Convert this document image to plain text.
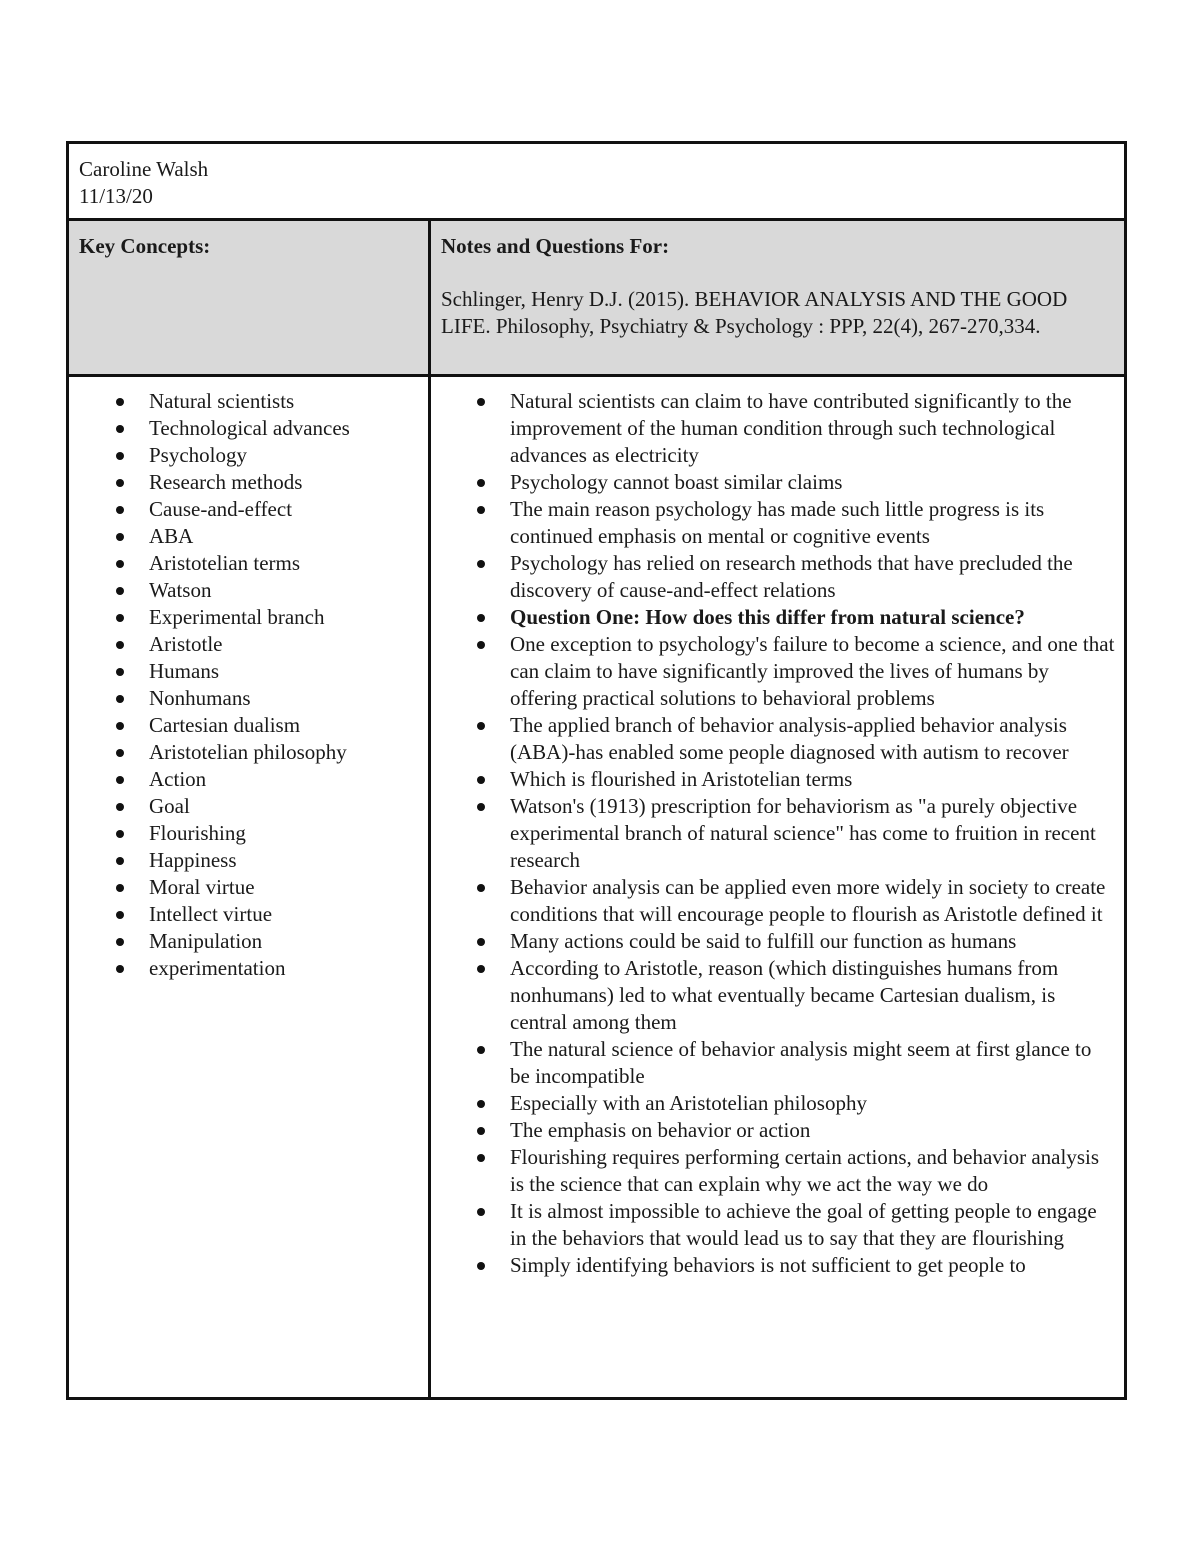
Caroline Walsh
11/13/20
Key Concepts:	Notes and Questions For:
Schlinger, Henry D.J. (2015). BEHAVIOR ANALYSIS AND THE GOOD LIFE. Philosophy, Psychiatry & Psychology : PPP, 22(4), 267-270,334.
Natural scientists
Technological advances
Psychology
Research methods
Cause-and-effect
ABA
Aristotelian terms
Watson
Experimental branch
Aristotle
Humans
Nonhumans
Cartesian dualism
Aristotelian philosophy
Action
Goal
Flourishing
Happiness
Moral virtue
Intellect virtue
Manipulation
experimentation
Natural scientists can claim to have contributed significantly to the improvement of the human condition through such technological advances as electricity
Psychology cannot boast similar claims
The main reason psychology has made such little progress is its continued emphasis on mental or cognitive events
Psychology has relied on research methods that have precluded the discovery of cause-and-effect relations
Question One: How does this differ from natural science?
One exception to psychology's failure to become a science, and one that can claim to have significantly improved the lives of humans by offering practical solutions to behavioral problems
The applied branch of behavior analysis-applied behavior analysis (ABA)-has enabled some people diagnosed with autism to recover
Which is flourished in Aristotelian terms
Watson's (1913) prescription for behaviorism as "a purely objective experimental branch of natural science" has come to fruition in recent research
Behavior analysis can be applied even more widely in society to create conditions that will encourage people to flourish as Aristotle defined it
Many actions could be said to fulfill our function as humans
According to Aristotle, reason (which distinguishes humans from nonhumans) led to what eventually became Cartesian dualism, is central among them
The natural science of behavior analysis might seem at first glance to be incompatible
Especially with an Aristotelian philosophy
The emphasis on behavior or action
Flourishing requires performing certain actions, and behavior analysis is the science that can explain why we act the way we do
It is almost impossible to achieve the goal of getting people to engage in the behaviors that would lead us to say that they are flourishing
Simply identifying behaviors is not sufficient to get people to
